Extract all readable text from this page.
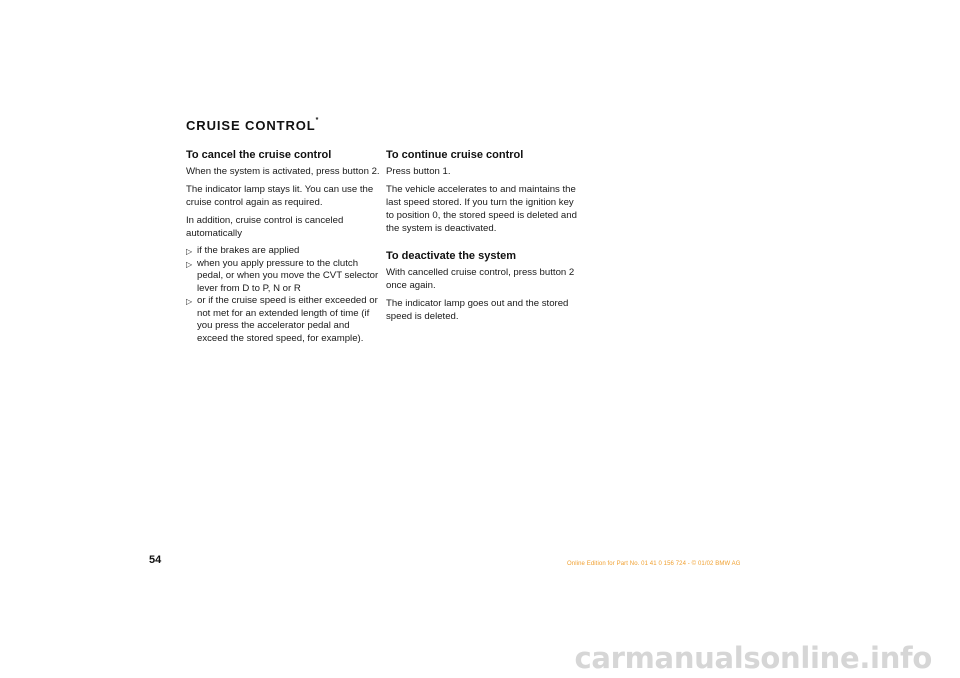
CRUISE CONTROL*
To cancel the cruise control

When the system is activated, press button 2.

The indicator lamp stays lit. You can use the cruise control again as required.

In addition, cruise control is canceled automatically

▷ if the brakes are applied
▷ when you apply pressure to the clutch pedal, or when you move the CVT selector lever from D to P, N or R
▷ or if the cruise speed is either exceeded or not met for an extended length of time (if you press the accelerator pedal and exceed the stored speed, for example).
To continue cruise control

Press button 1.

The vehicle accelerates to and maintains the last speed stored. If you turn the ignition key to position 0, the stored speed is deleted and the system is deactivated.

To deactivate the system

With cancelled cruise control, press button 2 once again.

The indicator lamp goes out and the stored speed is deleted.

54	Online Edition for Part No. 01 41 0 156 724 - © 01/02 BMW AG
carmanualsonline.info
